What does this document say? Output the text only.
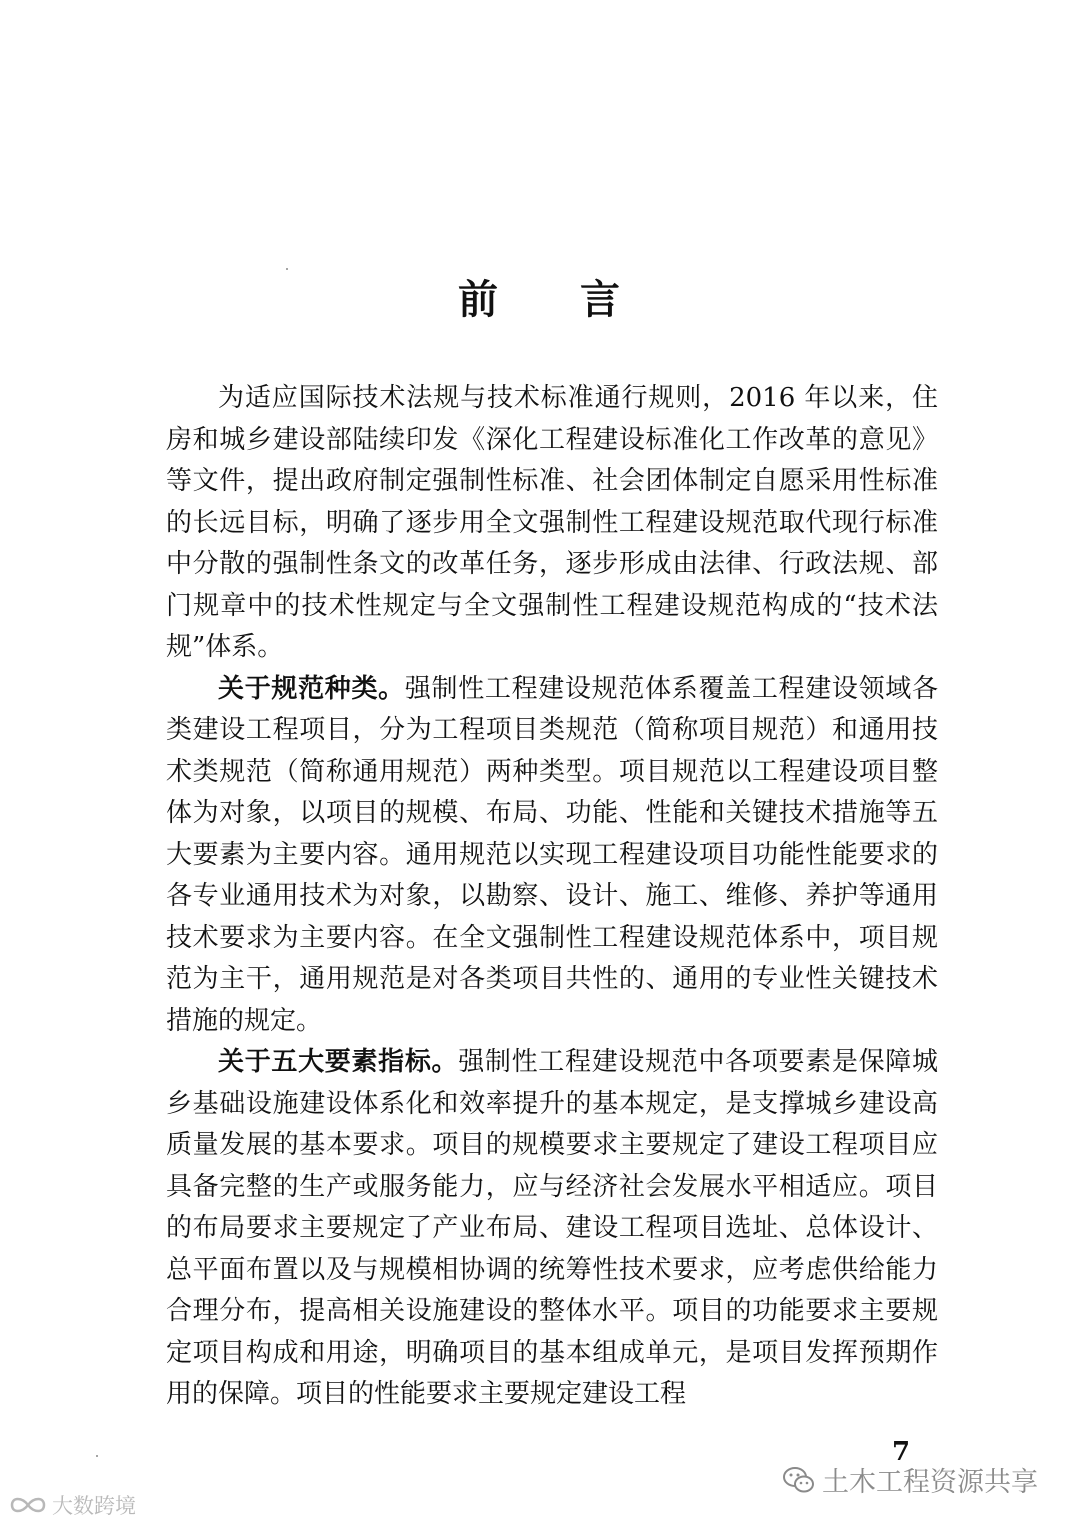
前 言

为适应国际技术法规与技术标准通行规则，2016 年以来，住房和城乡建设部陆续印发《深化工程建设标准化工作改革的意见》等文件，提出政府制定强制性标准、社会团体制定自愿采用性标准的长远目标，明确了逐步用全文强制性工程建设规范取代现行标准中分散的强制性条文的改革任务，逐步形成由法律、行政法规、部门规章中的技术性规定与全文强制性工程建设规范构成的“技术法规”体系。

关于规范种类。强制性工程建设规范体系覆盖工程建设领域各类建设工程项目，分为工程项目类规范（简称项目规范）和通用技术类规范（简称通用规范）两种类型。项目规范以工程建设项目整体为对象，以项目的规模、布局、功能、性能和关键技术措施等五大要素为主要内容。通用规范以实现工程建设项目功能性能要求的各专业通用技术为对象，以勘察、设计、施工、维修、养护等通用技术要求为主要内容。在全文强制性工程建设规范体系中，项目规范为主干，通用规范是对各类项目共性的、通用的专业性关键技术措施的规定。

关于五大要素指标。强制性工程建设规范中各项要素是保障城乡基础设施建设体系化和效率提升的基本规定，是支撑城乡建设高质量发展的基本要求。项目的规模要求主要规定了建设工程项目应具备完整的生产或服务能力，应与经济社会发展水平相适应。项目的布局要求主要规定了产业布局、建设工程项目选址、总体设计、总平面布置以及与规模相协调的统筹性技术要求，应考虑供给能力合理分布，提高相关设施建设的整体水平。项目的功能要求主要规定项目构成和用途，明确项目的基本组成单元，是项目发挥预期作用的保障。项目的性能要求主要规定建设工程

7
土木工程资源共享
大数跨境
